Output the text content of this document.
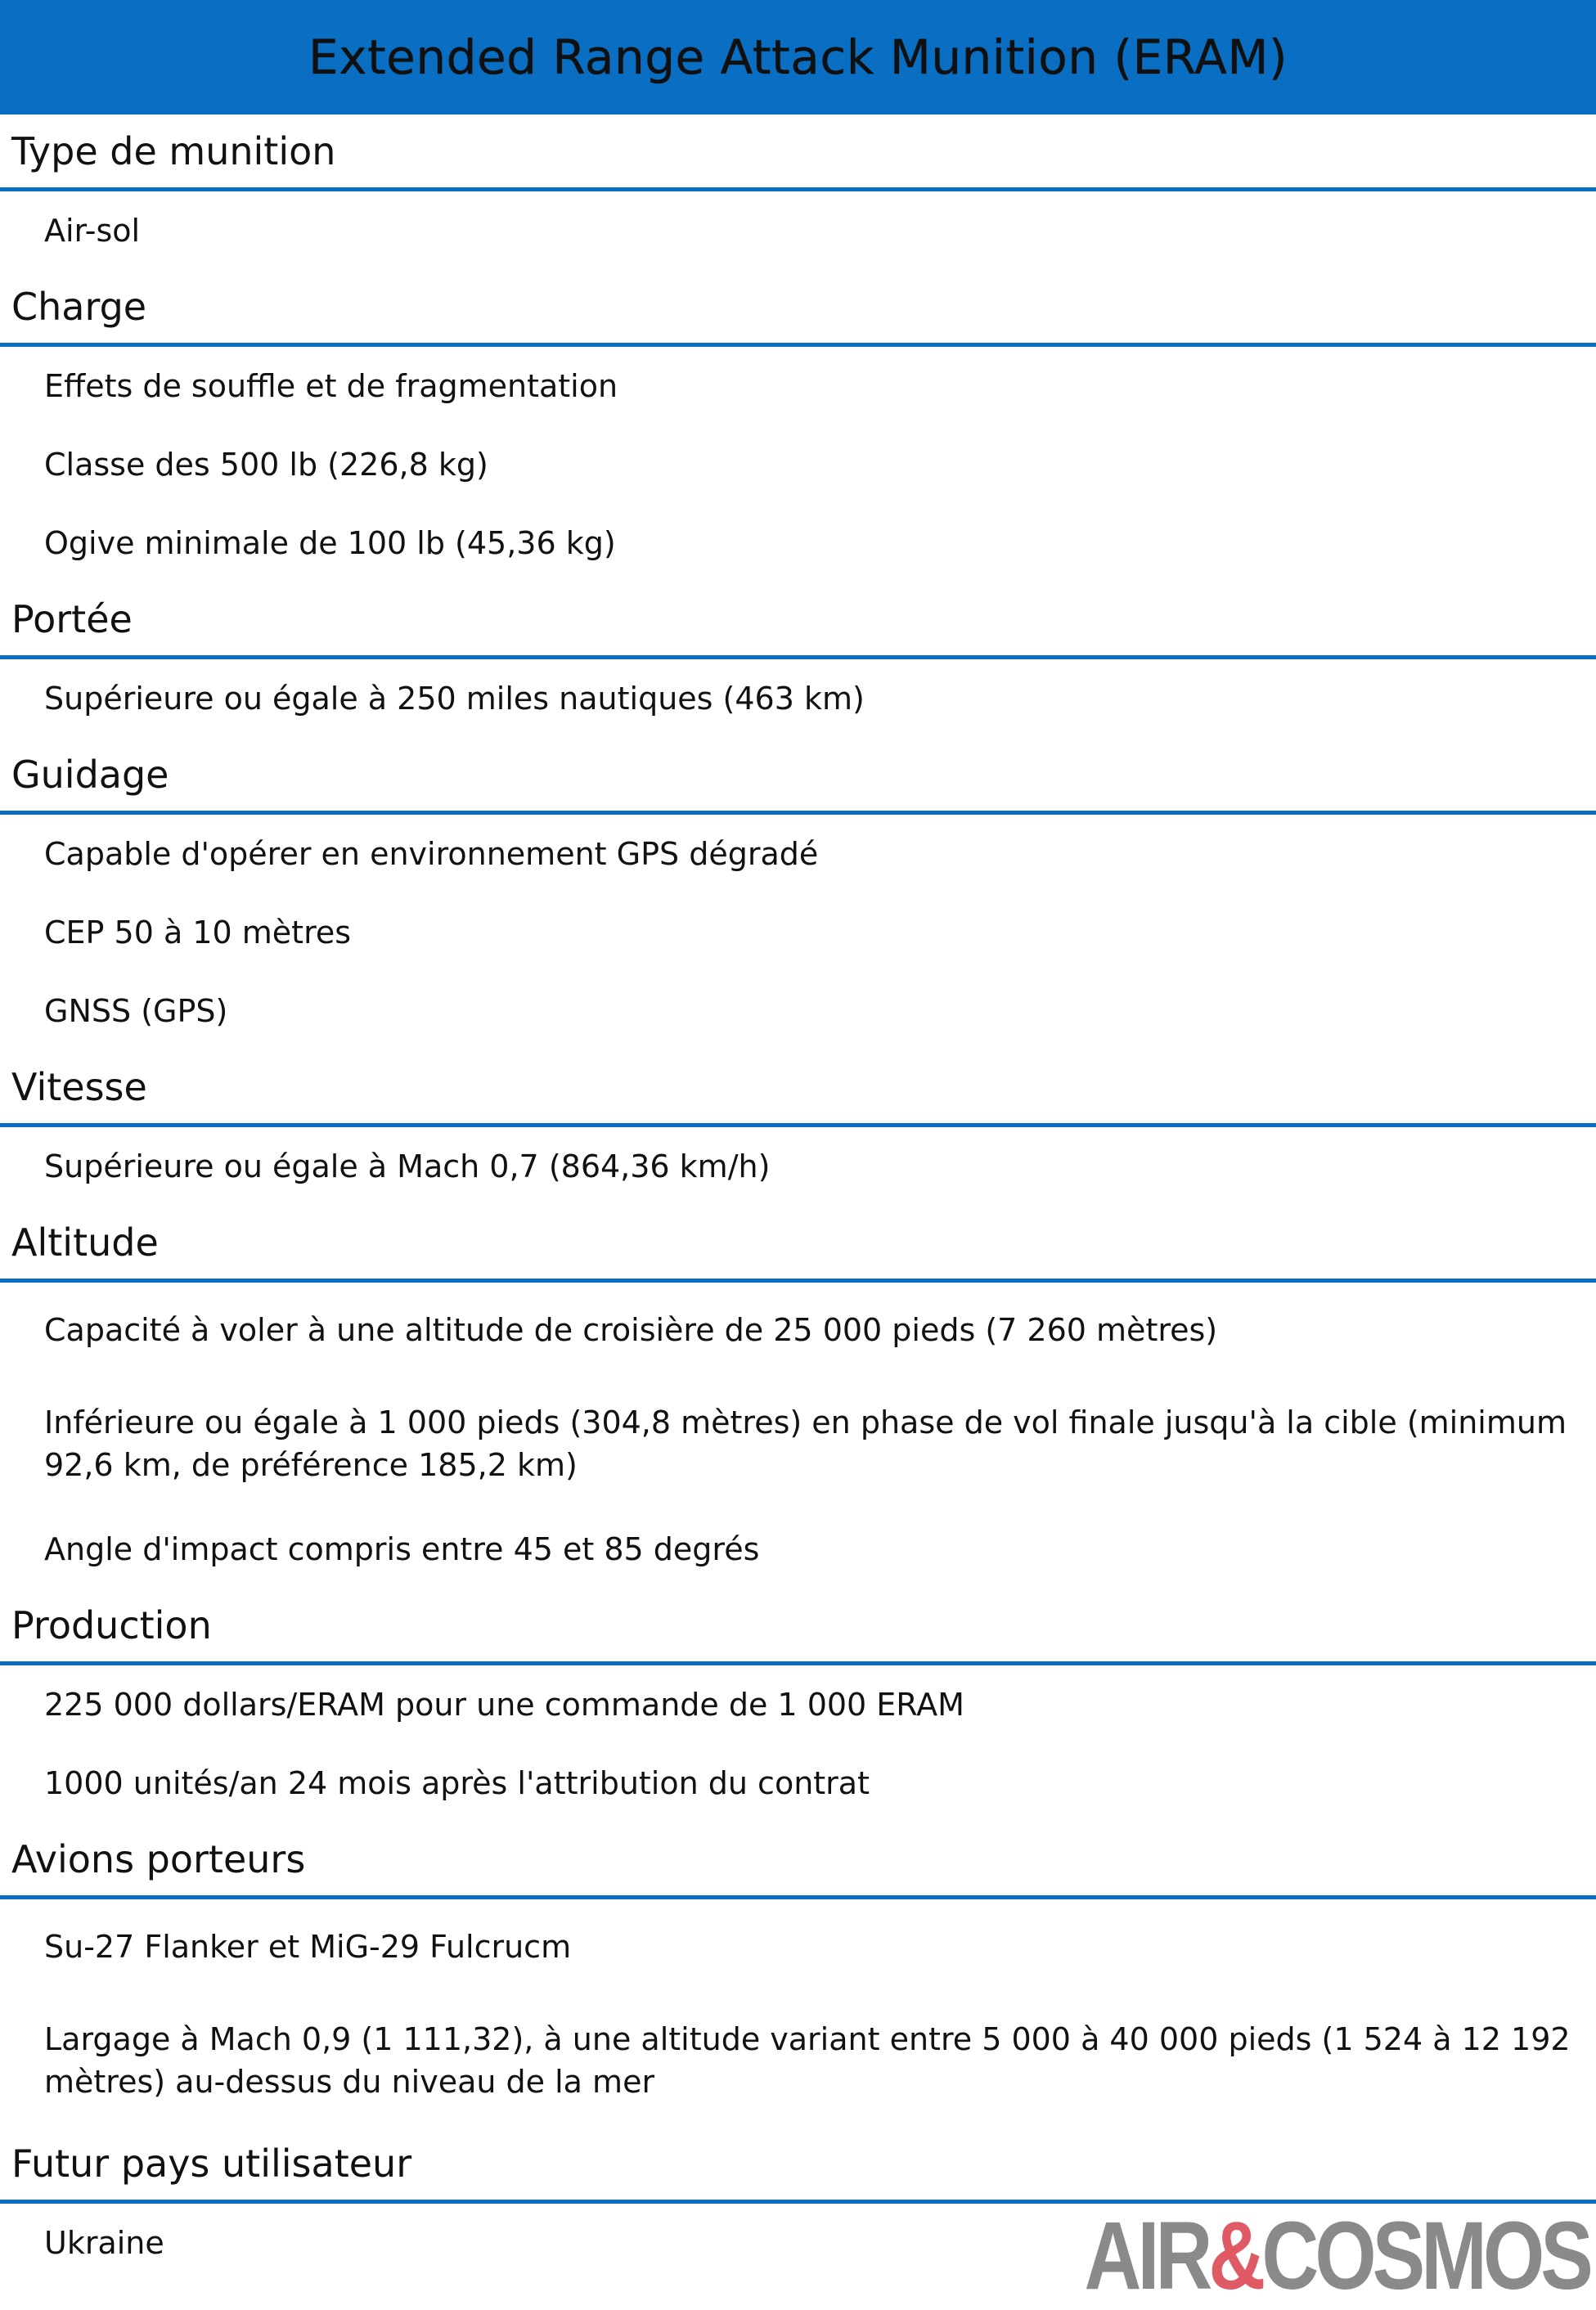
Extended Range Attack Munition (ERAM)
Type de munition
Air-sol
Charge
Effets de souffle et de fragmentation
Classe des 500 lb (226,8 kg)
Ogive minimale de 100 lb (45,36 kg)
Portée
Supérieure ou égale à 250 miles nautiques (463 km)
Guidage
Capable d'opérer en environnement GPS dégradé
CEP 50 à 10 mètres
GNSS (GPS)
Vitesse
Supérieure ou égale à Mach 0,7 (864,36 km/h)
Altitude
Capacité à voler à une altitude de croisière de 25 000 pieds (7 260 mètres)
Inférieure ou égale à 1 000 pieds (304,8 mètres) en phase de vol finale jusqu'à la cible (minimum 92,6 km, de préférence 185,2 km)
Angle d'impact compris entre 45 et 85 degrés
Production
225 000 dollars/ERAM pour une commande de 1 000 ERAM
1000 unités/an 24 mois après l'attribution du contrat
Avions porteurs
Su-27 Flanker et MiG-29 Fulcrucm
Largage à Mach 0,9 (1 111,32), à une altitude variant entre 5 000 à 40 000 pieds (1 524 à 12 192 mètres) au-dessus du niveau de la mer
Futur pays utilisateur
Ukraine	AIR&COSMOS
